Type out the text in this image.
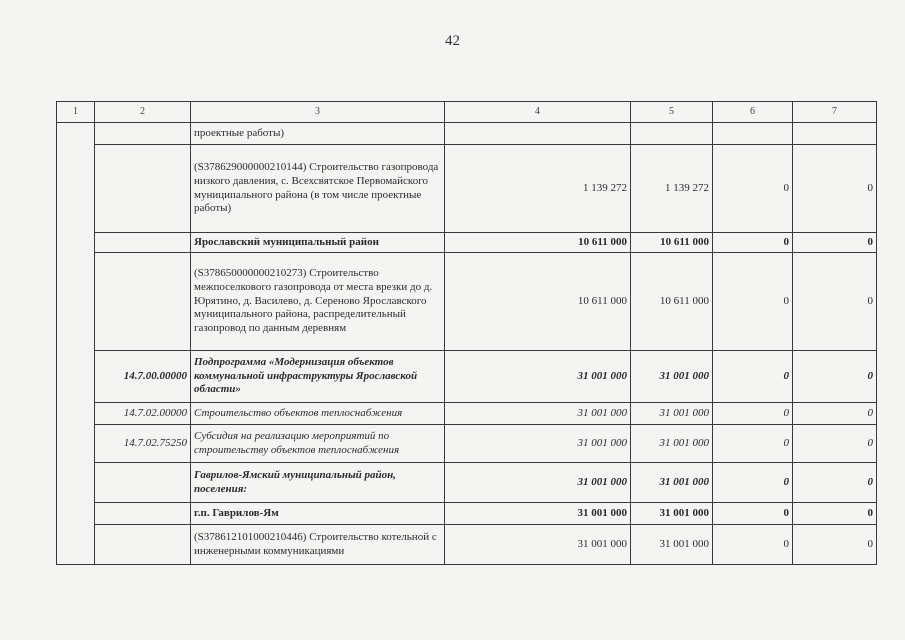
42
1	2	3	4	5	6	7
		проектные работы)				
		(S378629000000210144) Строительство газопровода низкого давления, с. Всехсвятское Первомайского муниципального района (в том числе проектные работы)	1 139 272	1 139 272	0	0
		Ярославский муниципальный район	10 611 000	10 611 000	0	0
		(S378650000000210273) Строительство межпоселкового газопровода от места врезки до д. Юрятино, д. Василево, д. Сереново Ярославского муниципального района, распределительный газопровод по данным деревням	10 611 000	10 611 000	0	0
	14.7.00.00000	Подпрограмма «Модернизация объектов коммунальной инфраструктуры Ярославской области»	31 001 000	31 001 000	0	0
	14.7.02.00000	Строительство объектов теплоснабжения	31 001 000	31 001 000	0	0
	14.7.02.75250	Субсидия на реализацию мероприятий по строительству объектов теплоснабжения	31 001 000	31 001 000	0	0
		Гаврилов-Ямский муниципальный район, поселения:	31 001 000	31 001 000	0	0
		г.п. Гаврилов-Ям	31 001 000	31 001 000	0	0
		(S378612101000210446) Строительство котельной с инженерными коммуникациями	31 001 000	31 001 000	0	0
